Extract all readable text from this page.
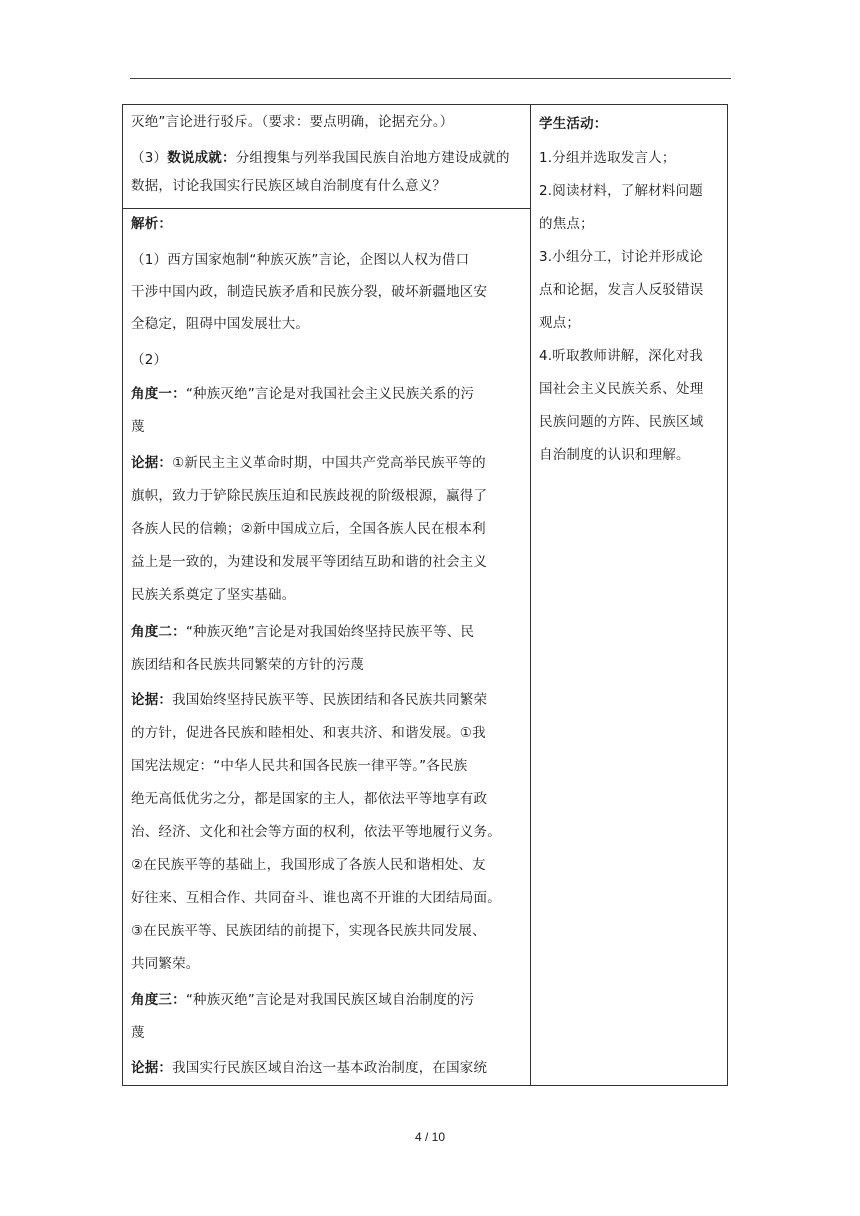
灭绝”言论进行驳斥。（要求：要点明确，论据充分。）
（3）数说成就：分组搜集与列举我国民族自治地方建设成就的
数据，讨论我国实行民族区域自治制度有什么意义？
解析：
（1）西方国家炮制“种族灭族”言论，企图以人权为借口
干涉中国内政，制造民族矛盾和民族分裂，破坏新疆地区安
全稳定，阻碍中国发展壮大。
（2）
角度一：“种族灭绝”言论是对我国社会主义民族关系的污
蔑
论据：①新民主主义革命时期，中国共产党高举民族平等的
旗帜，致力于铲除民族压迫和民族歧视的阶级根源，赢得了
各族人民的信赖；②新中国成立后，全国各族人民在根本利
益上是一致的，为建设和发展平等团结互助和谐的社会主义
民族关系奠定了坚实基础。
角度二：“种族灭绝”言论是对我国始终坚持民族平等、民
族团结和各民族共同繁荣的方针的污蔑
论据：我国始终坚持民族平等、民族团结和各民族共同繁荣
的方针，促进各民族和睦相处、和衷共济、和谐发展。①我
国宪法规定：“中华人民共和国各民族一律平等。”各民族
绝无高低优劣之分，都是国家的主人，都依法平等地享有政
治、经济、文化和社会等方面的权利，依法平等地履行义务。
②在民族平等的基础上，我国形成了各族人民和谐相处、友
好往来、互相合作、共同奋斗、谁也离不开谁的大团结局面。
③在民族平等、民族团结的前提下，实现各民族共同发展、
共同繁荣。
角度三：“种族灭绝”言论是对我国民族区域自治制度的污
蔑
论据：我国实行民族区域自治这一基本政治制度，在国家统
学生活动：
1.分组并选取发言人；
2.阅读材料，了解材料问题
的焦点；
3.小组分工，讨论并形成论
点和论据，发言人反驳错误
观点；
4.听取教师讲解，深化对我
国社会主义民族关系、处理
民族问题的方阵、民族区域
自治制度的认识和理解。
4 / 10
